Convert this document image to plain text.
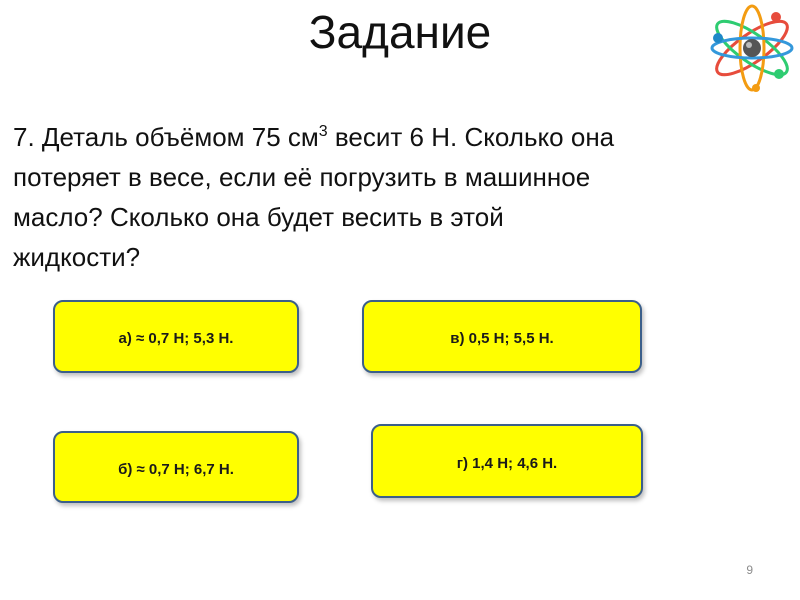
Задание
7. Деталь объёмом 75 $см^3$ весит 6 Н. Сколько она
потеряет в весе, если её погрузить в машинное
масло? Сколько она будет весить в этой
жидкости?
а) ≈ 0,7 Н; 5,3 Н.	в) 0,5 Н; 5,5 Н.
б) ≈ 0,7 Н; 6,7 Н.	г) 1,4 Н; 4,6 Н.
9
